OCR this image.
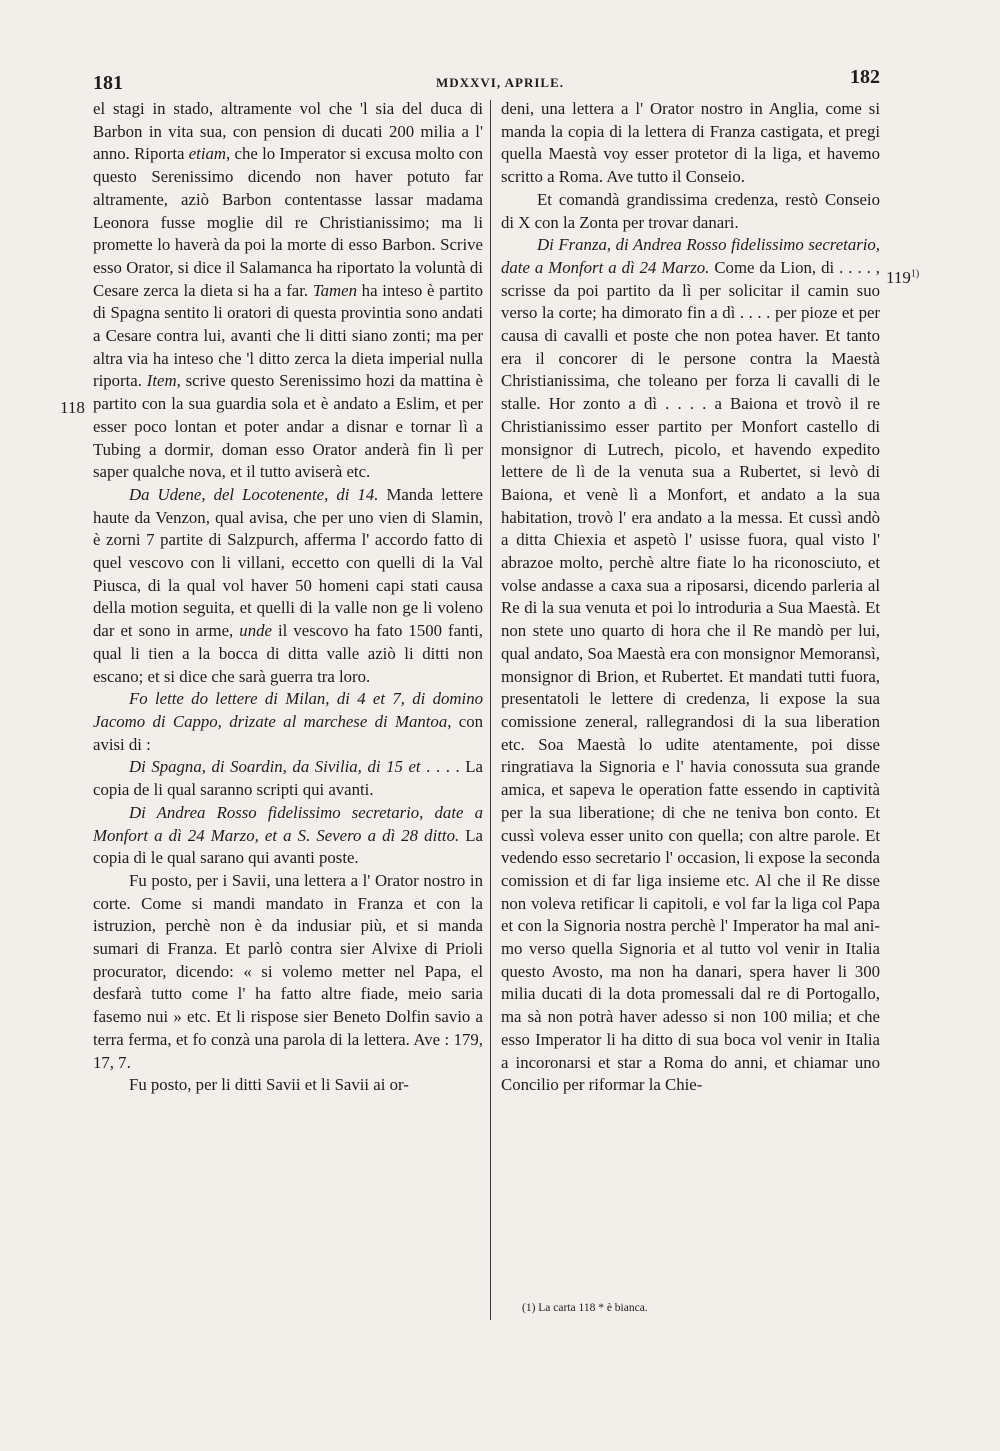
181	MDXXVI, APRILE.	182
118
119$^{1)}$

el stagi in stado, altramente vol che 'l sia del duca di Barbon in vita sua, con pension di ducati 200 milia a l' anno. Riporta etiam, che lo Imperator si excusa molto con questo Serenissimo dicendo non haver potuto far altramente, aziò Barbon contentasse lassar madama Leonora fusse moglie dil re Christianissimo; ma li promette lo haverà da poi la morte di esso Barbon. Scrive esso Orator, si dice il Salamanca ha riportato la voluntà di Cesare zerca la dieta si ha a far. Tamen ha inteso è partito di Spagna sentito li oratori di questa provintia sono andati a Cesare contra lui, avanti che li ditti siano zonti; ma per altra via ha inteso che 'l ditto zerca la dieta imperial nulla riporta. Item, scrive questo Serenissimo hozi da mattina è partito con la sua guardia sola et è andato a Eslim, et per esser poco lontan et poter andar a disnar e tornar lì a Tubing a dormir, doman esso Orator anderà fin lì per saper qualche nova, et il tutto aviserà etc.

Da Udene, del Locotenente, di 14. Manda lettere haute da Venzon, qual avisa, che per uno vien di Slamin, è zorni 7 partite di Salzpurch, afferma l' accordo fatto di quel vescovo con li villani, eccetto con quelli di la Val Piusca, di la qual vol haver 50 homeni capi stati causa della motion seguita, et quelli di la valle non ge li voleno dar et sono in arme, unde il vescovo ha fato 1500 fanti, qual li tien a la bocca di ditta valle aziò li ditti non escano; et si dice che sarà guerra tra loro.

Fo lette do lettere di Milan, di 4 et 7, di domino Jacomo di Cappo, drizate al marchese di Mantoa, con avisi di :

Di Spagna, di Soardin, da Sivilia, di 15 et . . . . La copia de li qual saranno scripti qui avanti.

Di Andrea Rosso fidelissimo secretario, date a Monfort a dì 24 Marzo, et a S. Severo a dì 28 ditto. La copia di le qual sarano qui avanti poste.

Fu posto, per i Savii, una lettera a l' Orator nostro in corte. Come si mandi mandato in Franza et con la istruzion, perchè non è da indusiar più, et si manda sumari di Franza. Et parlò contra sier Alvixe di Prioli procurator, dicendo: « si volemo metter nel Papa, el desfarà tutto come l' ha fatto altre fiade, meio saria fasemo nui » etc. Et li rispose sier Beneto Dolfin savio a terra ferma, et fo conzà una parola di la lettera. Ave : 179, 17, 7.

Fu posto, per li ditti Savii et li Savii ai or-

deni, una lettera a l' Orator nostro in Anglia, come si manda la copia di la lettera di Franza castigata, et pregi quella Maestà voy esser protetor di la liga, et havemo scritto a Roma. Ave tutto il Conseio.

Et comandà grandissima credenza, restò Conseio di X con la Zonta per trovar danari.

Di Franza, di Andrea Rosso fidelissimo secretario, date a Monfort a dì 24 Marzo. Come da Lion, di . . . . , scrisse da poi partito da lì per solicitar il camin suo verso la corte; ha dimorato fin a dì . . . . per pioze et per causa di cavalli et poste che non potea haver. Et tanto era il concorer di le persone contra la Maestà Christianissima, che toleano per forza li cavalli di le stalle. Hor zonto a dì . . . . a Baiona et trovò il re Christianissimo esser partito per Monfort castello di monsignor di Lutrech, picolo, et havendo expedito lettere de lì de la venuta sua a Rubertet, si levò di Baiona, et venè lì a Monfort, et andato a la sua habitation, trovò l' era andato a la messa. Et cussì andò a ditta Chiexia et aspetò l' usisse fuora, qual visto l' abrazoe molto, perchè altre fiate lo ha riconosciuto, et volse andasse a caxa sua a riposarsi, dicendo parleria al Re di la sua venuta et poi lo introduria a Sua Maestà. Et non stete uno quarto di hora che il Re mandò per lui, qual andato, Soa Maestà era con monsignor Memoransì, monsignor di Brion, et Rubertet. Et mandati tutti fuora, presentatoli le lettere di credenza, li expose la sua comissione zeneral, rallegrandosi di la sua liberation etc. Soa Maestà lo udite atentamente, poi disse ringratiava la Signoria e l' havia conossuta sua grande amica, et sapeva le operation fatte essendo in captività per la sua liberatione; di che ne teniva bon conto. Et cussì voleva esser unito con quella; con altre parole. Et vedendo esso secretario l' occasion, li expose la seconda comission et di far liga insieme etc. Al che il Re disse non voleva retificar li capitoli, e vol far la liga col Papa et con la Signoria nostra perchè l' Imperator ha mal ani- mo verso quella Signoria et al tutto vol venir in Italia questo Avosto, ma non ha danari, spera haver li 300 milia ducati di la dota promessali dal re di Portogallo, ma sà non potrà haver adesso si non 100 milia; et che esso Imperator li ha ditto di sua boca vol venir in Italia a incoronarsi et star a Roma do anni, et chiamar uno Concilio per riformar la Chie-

(1) La carta 118 * è bianca.
